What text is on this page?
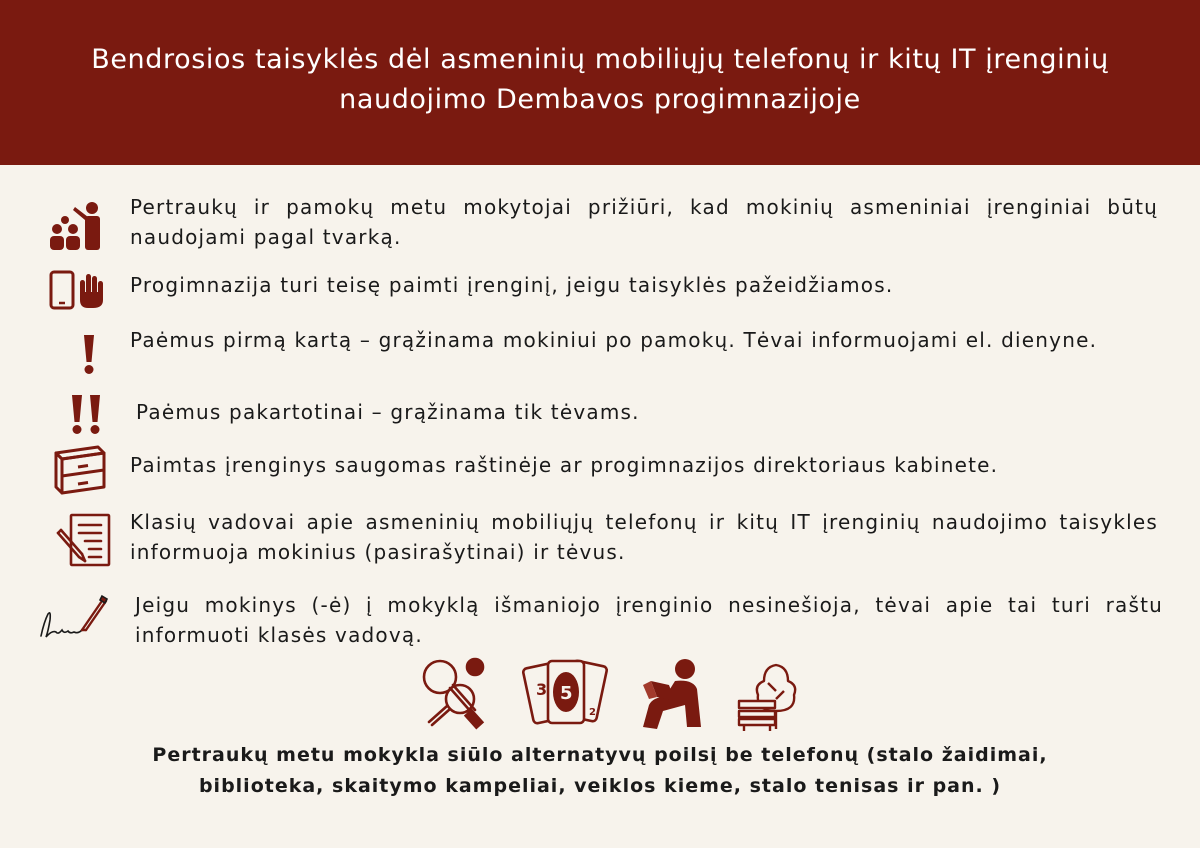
Bendrosios taisyklės dėl asmeninių mobiliųjų telefonų ir kitų IT įrenginių naudojimo Dembavos progimnazijoje
Pertraukų ir pamokų metu mokytojai prižiūri, kad mokinių asmeniniai įrenginiai būtų naudojami pagal tvarką.
Progimnazija turi teisę paimti įrenginį, jeigu taisyklės pažeidžiamos.
Paėmus pirmą kartą – grąžinama mokiniui po pamokų. Tėvai informuojami el. dienyne.
Paėmus pakartotinai – grąžinama tik tėvams.
Paimtas įrenginys saugomas raštinėje ar progimnazijos direktoriaus kabinete.
Klasių vadovai apie asmeninių mobiliųjų telefonų ir kitų IT įrenginių naudojimo taisykles informuoja mokinius (pasirašytinai) ir tėvus.
Jeigu mokinys (-ė) į mokyklą išmaniojo įrenginio nesinešioja, tėvai apie tai turi raštu informuoti klasės vadovą.
3 5
2
Pertraukų metu mokykla siūlo alternatyvų poilsį be telefonų (stalo žaidimai, biblioteka, skaitymo kampeliai, veiklos kieme, stalo tenisas ir pan. )
